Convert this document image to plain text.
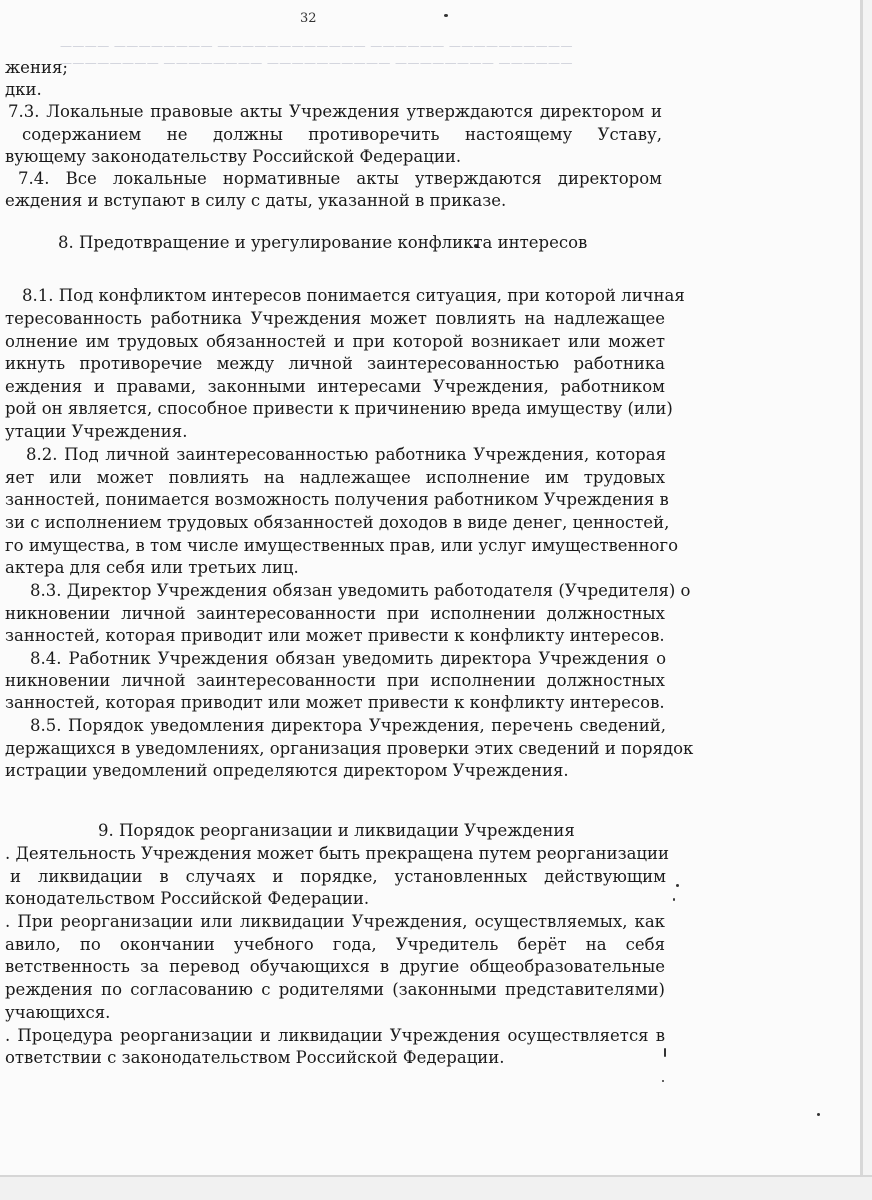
———— ———————— ———————————— —————— ——————————
———————— ———————— —————————— ———————— ——————
32
жения;
дки.
7.3. Локальные правовые акты Учреждения утверждаются директором и
содержанием не должны противоречить настоящему Уставу,
вующему законодательству Российской Федерации.
7.4. Все локальные нормативные акты утверждаются директором
еждения и вступают в силу с даты, указанной в приказе.
8. Предотвращение и урегулирование конфликта интересов
8.1. Под конфликтом интересов понимается ситуация, при которой личная
тересованность работника Учреждения может повлиять на надлежащее
олнение им трудовых обязанностей и при которой возникает или может
икнуть противоречие между личной заинтересованностью работника
еждения и правами, законными интересами Учреждения, работником
рой он является, способное привести к причинению вреда имуществу (или)
утации Учреждения.
8.2. Под личной заинтересованностью работника Учреждения, которая
яет или может повлиять на надлежащее исполнение им трудовых
занностей, понимается возможность получения работником Учреждения в
зи с исполнением трудовых обязанностей доходов в виде денег, ценностей,
го имущества, в том числе имущественных прав, или услуг имущественного
актера для себя или третьих лиц.
8.3. Директор Учреждения обязан уведомить работодателя (Учредителя) о
никновении личной заинтересованности при исполнении должностных
занностей, которая приводит или может привести к конфликту интересов.
8.4. Работник Учреждения обязан уведомить директора Учреждения о
никновении личной заинтересованности при исполнении должностных
занностей, которая приводит или может привести к конфликту интересов.
8.5. Порядок уведомления директора Учреждения, перечень сведений,
держащихся в уведомлениях, организация проверки этих сведений и порядок
истрации уведомлений определяются директором Учреждения.
9. Порядок реорганизации и ликвидации Учреждения
. Деятельность Учреждения может быть прекращена путем реорганизации
и ликвидации в случаях и порядке, установленных действующим
конодательством Российской Федерации.
. При реорганизации или ликвидации Учреждения, осуществляемых, как
авило, по окончании учебного года, Учредитель берёт на себя
ветственность за перевод обучающихся в другие общеобразовательные
реждения по согласованию с родителями (законными представителями)
учающихся.
. Процедура реорганизации и ликвидации Учреждения осуществляется в
ответствии с законодательством Российской Федерации.
